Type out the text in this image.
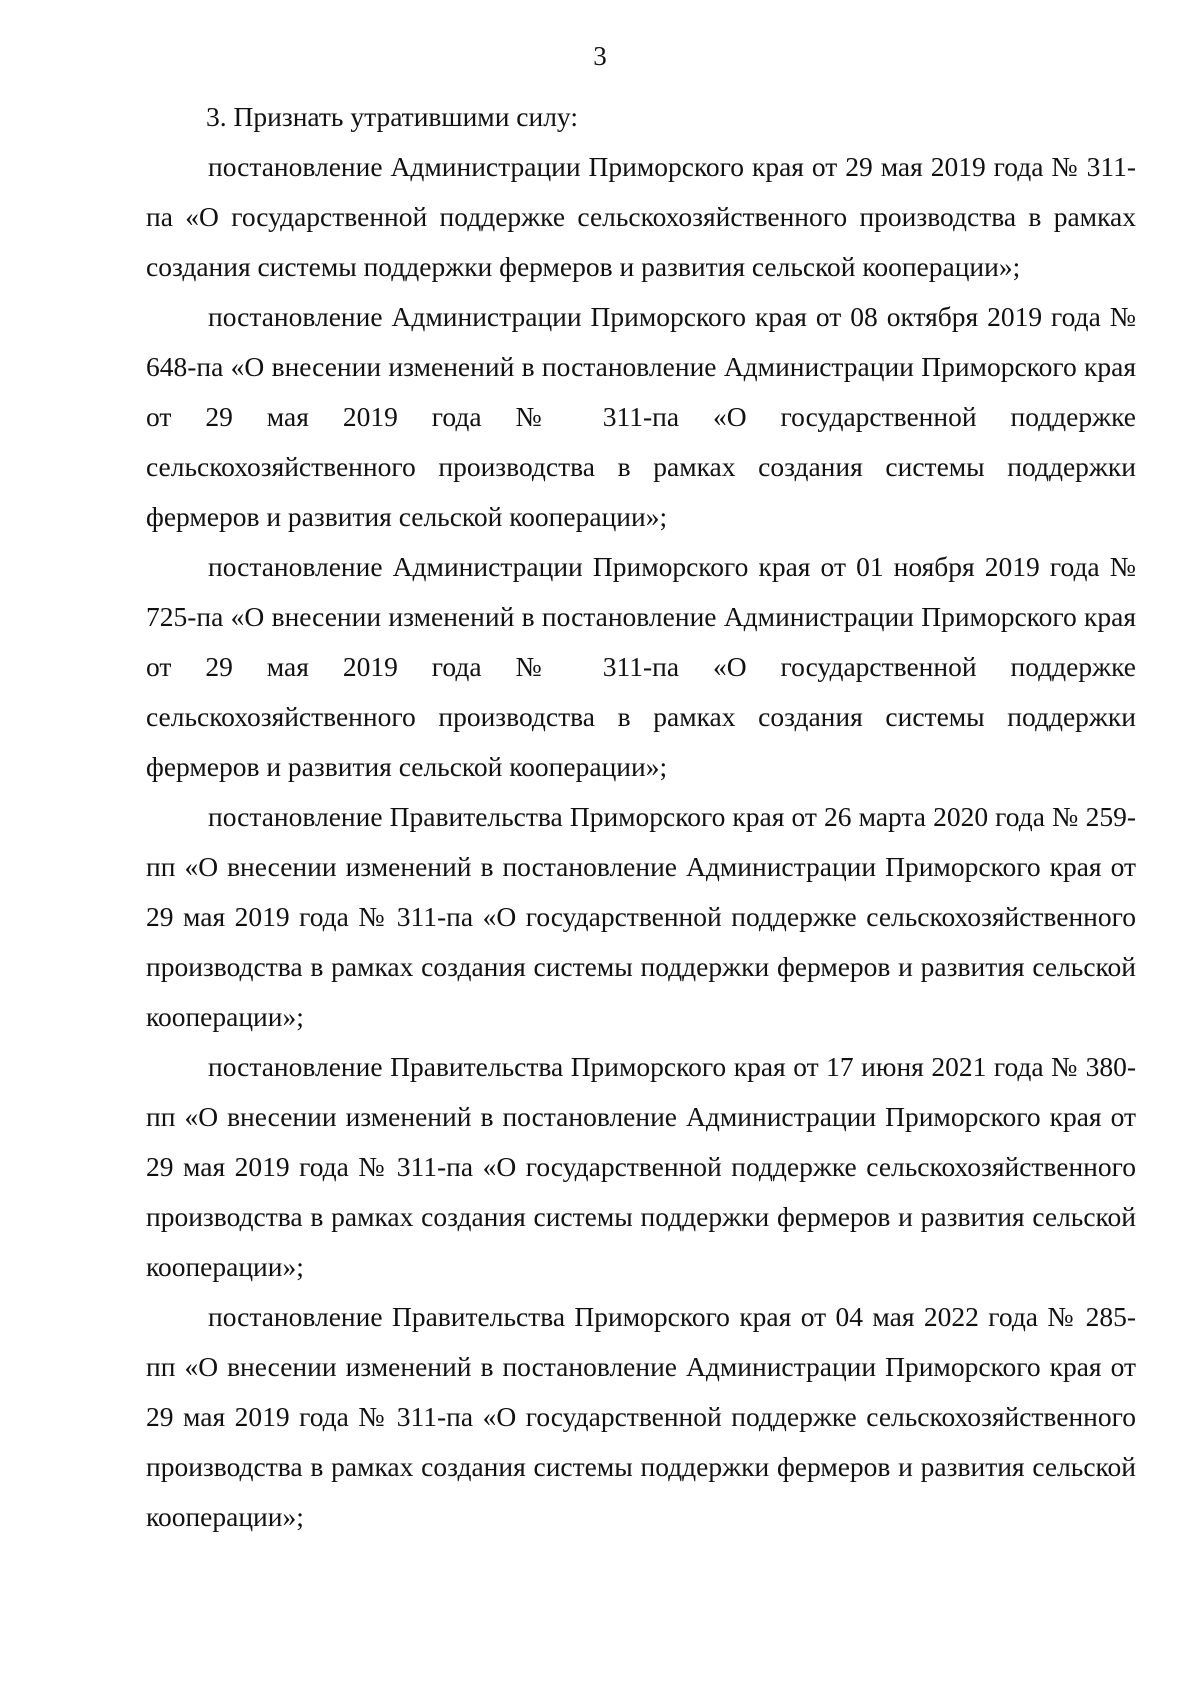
3

3. Признать утратившими силу:

постановление Администрации Приморского края от 29 мая 2019 года № 311-па «О государственной поддержке сельскохозяйственного производства в рамках создания системы поддержки фермеров и развития сельской кооперации»;

постановление Администрации Приморского края от 08 октября 2019 года № 648-па «О внесении изменений в постановление Администрации Приморского края от 29 мая 2019 года № 311-па «О государственной поддержке сельскохозяйственного производства в рамках создания системы поддержки фермеров и развития сельской кооперации»;

постановление Администрации Приморского края от 01 ноября 2019 года № 725-па «О внесении изменений в постановление Администрации Приморского края от 29 мая 2019 года № 311-па «О государственной поддержке сельскохозяйственного производства в рамках создания системы поддержки фермеров и развития сельской кооперации»;

постановление Правительства Приморского края от 26 марта 2020 года № 259-пп «О внесении изменений в постановление Администрации Приморского края от 29 мая 2019 года № 311-па «О государственной поддержке сельскохозяйственного производства в рамках создания системы поддержки фермеров и развития сельской кооперации»;

постановление Правительства Приморского края от 17 июня 2021 года № 380-пп «О внесении изменений в постановление Администрации Приморского края от 29 мая 2019 года № 311-па «О государственной поддержке сельскохозяйственного производства в рамках создания системы поддержки фермеров и развития сельской кооперации»;

постановление Правительства Приморского края от 04 мая 2022 года № 285-пп «О внесении изменений в постановление Администрации Приморского края от 29 мая 2019 года № 311-па «О государственной поддержке сельскохозяйственного производства в рамках создания системы поддержки фермеров и развития сельской кооперации»;
